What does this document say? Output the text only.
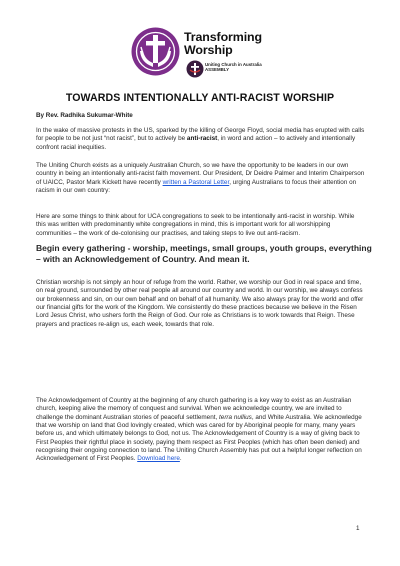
Transforming
Worship
Uniting Church in Australia
ASSEMBLY
TOWARDS INTENTIONALLY ANTI-RACIST WORSHIP
By Rev. Radhika Sukumar-White

In the wake of massive protests in the US, sparked by the killing of George Floyd, social media has erupted with calls for people to be not just “not racist”, but to actively be anti-racist, in word and action – to actively and intentionally confront racial inequities.

The Uniting Church exists as a uniquely Australian Church, so we have the opportunity to be leaders in our own country in being an intentionally anti-racist faith movement. Our President, Dr Deidre Palmer and Interim Chairperson of UAICC, Pastor Mark Kickett have recently written a Pastoral Letter, urging Australians to focus their attention on racism in our own country:

Here are some things to think about for UCA congregations to seek to be intentionally anti-racist in worship. While this was written with predominantly white congregations in mind, this is important work for all worshipping communities – the work of de-colonising our practises, and taking steps to live out anti-racism.

Begin every gathering - worship, meetings, small groups, youth groups, everything – with an Acknowledgement of Country. And mean it.

Christian worship is not simply an hour of refuge from the world. Rather, we worship our God in real space and time, on real ground, surrounded by other real people all around our country and world. In our worship, we always confess our brokenness and sin, on our own behalf and on behalf of all humanity. We also always pray for the world and offer our financial gifts for the work of the Kingdom. We consistently do these practices because we believe in the Risen Lord Jesus Christ, who ushers forth the Reign of God. Our role as Christians is to work towards that Reign. These prayers and practices re-align us, each week, towards that role.

The Acknowledgement of Country at the beginning of any church gathering is a key way to exist as an Australian church, keeping alive the memory of conquest and survival. When we acknowledge country, we are invited to challenge the dominant Australian stories of peaceful settlement, terra nullius, and White Australia. We acknowledge that we worship on land that God lovingly created, which was cared for by Aboriginal people for many, many years before us, and which ultimately belongs to God, not us. The Acknowledgement of Country is a way of giving back to First Peoples their rightful place in society, paying them respect as First Peoples (which has often been denied) and recognising their ongoing connection to land. The Uniting Church Assembly has put out a helpful longer reflection on Acknowledgement of First Peoples. Download here.

1
